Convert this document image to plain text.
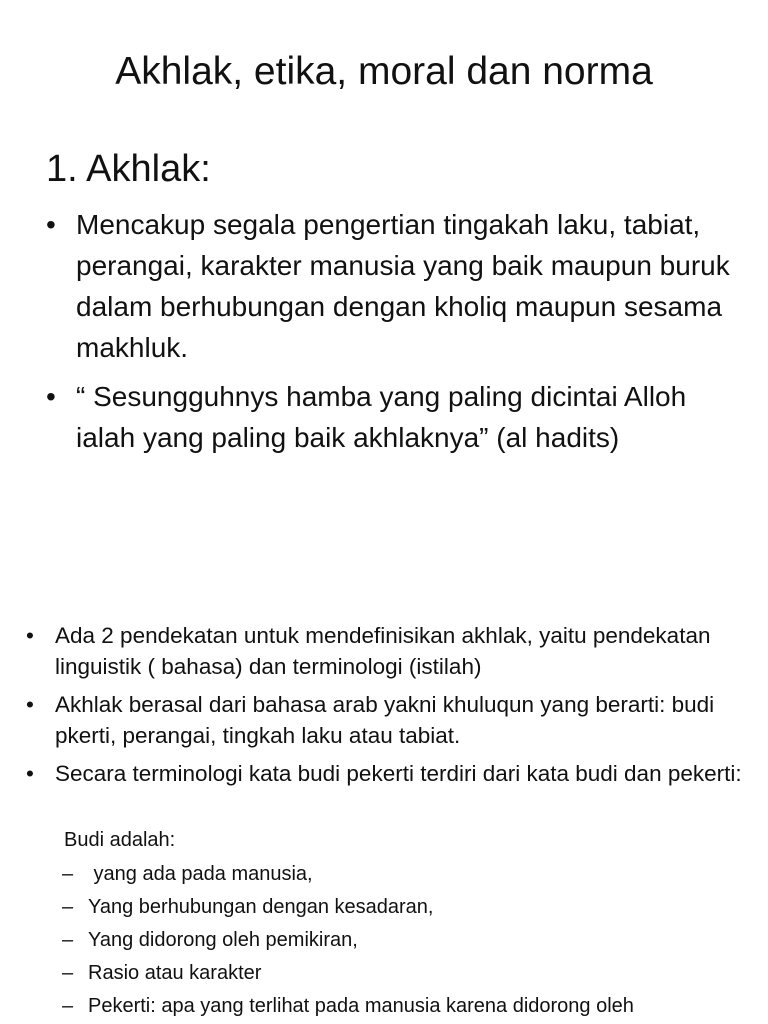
Akhlak, etika, moral dan norma
1. Akhlak:
• Mencakup segala pengertian tingakah laku, tabiat, perangai, karakter manusia yang baik maupun buruk dalam berhubungan dengan kholiq maupun sesama makhluk.
• “ Sesungguhnys hamba yang paling dicintai Alloh ialah yang paling baik akhlaknya” (al hadits)
• Ada 2 pendekatan untuk mendefinisikan akhlak, yaitu pendekatan linguistik ( bahasa) dan terminologi (istilah)
• Akhlak berasal dari bahasa arab yakni khuluqun yang berarti: budi pkerti, perangai, tingkah laku atau tabiat.
• Secara terminologi kata budi pekerti terdiri dari kata budi dan pekerti:
Budi adalah:
– yang ada pada manusia,
– Yang berhubungan dengan kesadaran,
– Yang didorong oleh pemikiran,
– Rasio atau karakter
– Pekerti: apa yang terlihat pada manusia karena didorong oleh
